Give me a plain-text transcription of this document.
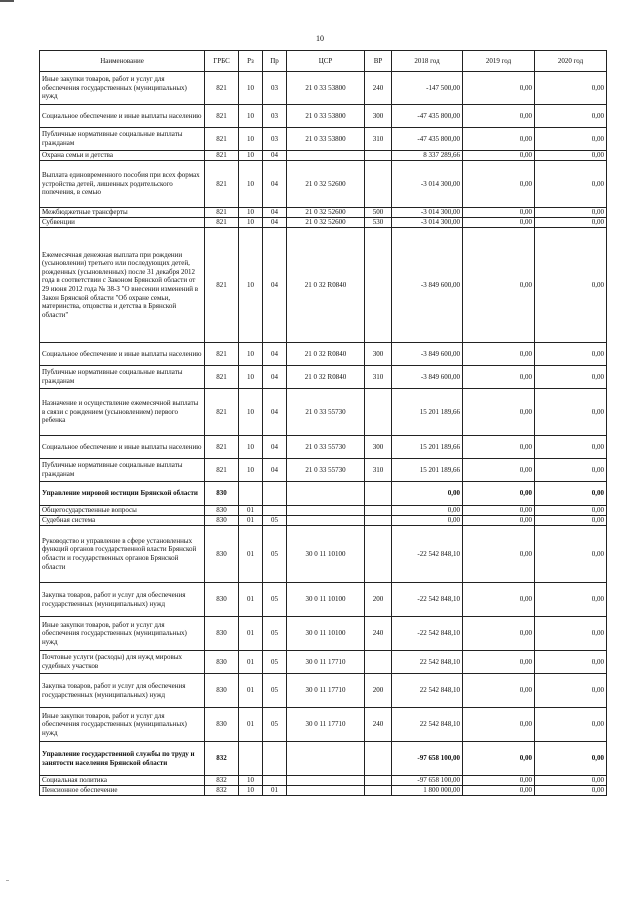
10
Наименование	ГРБС	Рз	Пр	ЦСР	ВР	2018 год	2019 год	2020 год
Иные закупки товаров, работ и услуг для обеспечения государственных (муниципальных) нужд	821	10	03	21 0 33 53800	240	-147 500,00	0,00	0,00
Социальное обеспечение и иные выплаты населению	821	10	03	21 0 33 53800	300	-47 435 800,00	0,00	0,00
Публичные нормативные социальные выплаты гражданам	821	10	03	21 0 33 53800	310	-47 435 800,00	0,00	0,00
Охрана семьи и детства	821	10	04			8 337 289,66	0,00	0,00
Выплата единовременного пособия при всех формах устройства детей, лишенных родительского попечения, в семью	821	10	04	21 0 32 52600		-3 014 300,00	0,00	0,00
Межбюджетные трансферты	821	10	04	21 0 32 52600	500	-3 014 300,00	0,00	0,00
Субвенции	821	10	04	21 0 32 52600	530	-3 014 300,00	0,00	0,00
Ежемесячная денежная выплата при рождении (усыновлении) третьего или последующих детей, рожденных (усыновленных) после 31 декабря 2012 года в соответствии с Законом Брянской области от 29 июня 2012 года № 38-З "О внесении изменений в Закон Брянской области "Об охране семьи, материнства, отцовства и детства в Брянской области"	821	10	04	21 0 32 R0840		-3 849 600,00	0,00	0,00
Социальное обеспечение и иные выплаты населению	821	10	04	21 0 32 R0840	300	-3 849 600,00	0,00	0,00
Публичные нормативные социальные выплаты гражданам	821	10	04	21 0 32 R0840	310	-3 849 600,00	0,00	0,00
Назначение и осуществление ежемесячной выплаты в связи с рождением (усыновлением) первого ребенка	821	10	04	21 0 33 55730		15 201 189,66	0,00	0,00
Социальное обеспечение и иные выплаты населению	821	10	04	21 0 33 55730	300	15 201 189,66	0,00	0,00
Публичные нормативные социальные выплаты гражданам	821	10	04	21 0 33 55730	310	15 201 189,66	0,00	0,00
Управление мировой юстиции Брянской области	830					0,00	0,00	0,00
Общегосударственные вопросы	830	01				0,00	0,00	0,00
Судебная система	830	01	05			0,00	0,00	0,00
Руководство и управление в сфере установленных функций органов государственной власти Брянской области и государственных органов Брянской области	830	01	05	30 0 11 10100		-22 542 848,10	0,00	0,00
Закупка товаров, работ и услуг для обеспечения государственных (муниципальных) нужд	830	01	05	30 0 11 10100	200	-22 542 848,10	0,00	0,00
Иные закупки товаров, работ и услуг для обеспечения государственных (муниципальных) нужд	830	01	05	30 0 11 10100	240	-22 542 848,10	0,00	0,00
Почтовые услуги (расходы) для нужд мировых судебных участков	830	01	05	30 0 11 17710		22 542 848,10	0,00	0,00
Закупка товаров, работ и услуг для обеспечения государственных (муниципальных) нужд	830	01	05	30 0 11 17710	200	22 542 848,10	0,00	0,00
Иные закупки товаров, работ и услуг для обеспечения государственных (муниципальных) нужд	830	01	05	30 0 11 17710	240	22 542 848,10	0,00	0,00
Управление государственной службы по труду и занятости населения Брянской области	832					-97 658 100,00	0,00	0,00
Социальная политика	832	10				-97 658 100,00	0,00	0,00
Пенсионное обеспечение	832	10	01			1 800 000,00	0,00	0,00
